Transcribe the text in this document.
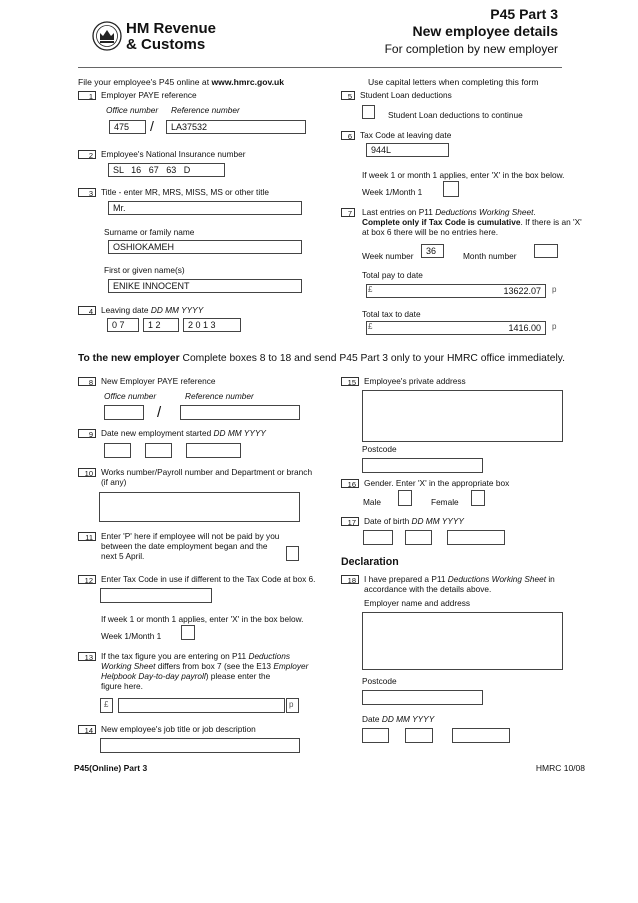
HM Revenue
& Customs
P45 Part 3
New employee details
For completion by new employer
File your employee's P45 online at www.hmrc.gov.uk	Use capital letters when completing this form
1 Employer PAYE reference
Office number Reference number
475	/	LA37532
2 Employee's National Insurance number
SL   16   67   63   D
3 Title - enter MR, MRS, MISS, MS or other title
Mr.
Surname or family name
OSHIOKAMEH
First or given name(s)
ENIKE INNOCENT
4 Leaving date DD MM YYYY
0 7	1 2	2 0 1 3
5 Student Loan deductions
Student Loan deductions to continue
6 Tax Code at leaving date
944L
If week 1 or month 1 applies, enter 'X' in the box below.
Week 1/Month 1
7	Last entries on P11 Deductions Working Sheet.
Complete only if Tax Code is cumulative. If there is an 'X'
at box 6 there will be no entries here.
Week number	36	Month number
Total pay to date
13622.07
£	p
Total tax to date
1416.00
£	p
To the new employer Complete boxes 8 to 18 and send P45 Part 3 only to your HMRC office immediately.
8 New Employer PAYE reference
Office number	Reference number
/
9 Date new employment started DD MM YYYY
10 Works number/Payroll number and Department or branch
(if any)
11 Enter 'P' here if employee will not be paid by you
between the date employment began and the
next 5 April.
12 Enter Tax Code in use if different to the Tax Code at box 6.
If week 1 or month 1 applies, enter 'X' in the box below.
Week 1/Month 1
13 If the tax figure you are entering on P11 Deductions
Working Sheet differs from box 7 (see the E13 Employer
Helpbook Day-to-day payroll) please enter the
figure here.
£	p
14 New employee's job title or job description
15 Employee's private address
Postcode
16 Gender. Enter 'X' in the appropriate box
Male	Female
17 Date of birth DD MM YYYY
Declaration
18 I have prepared a P11 Deductions Working Sheet in
accordance with the details above.
Employer name and address
Postcode
Date DD MM YYYY
P45(Online) Part 3	HMRC 10/08
